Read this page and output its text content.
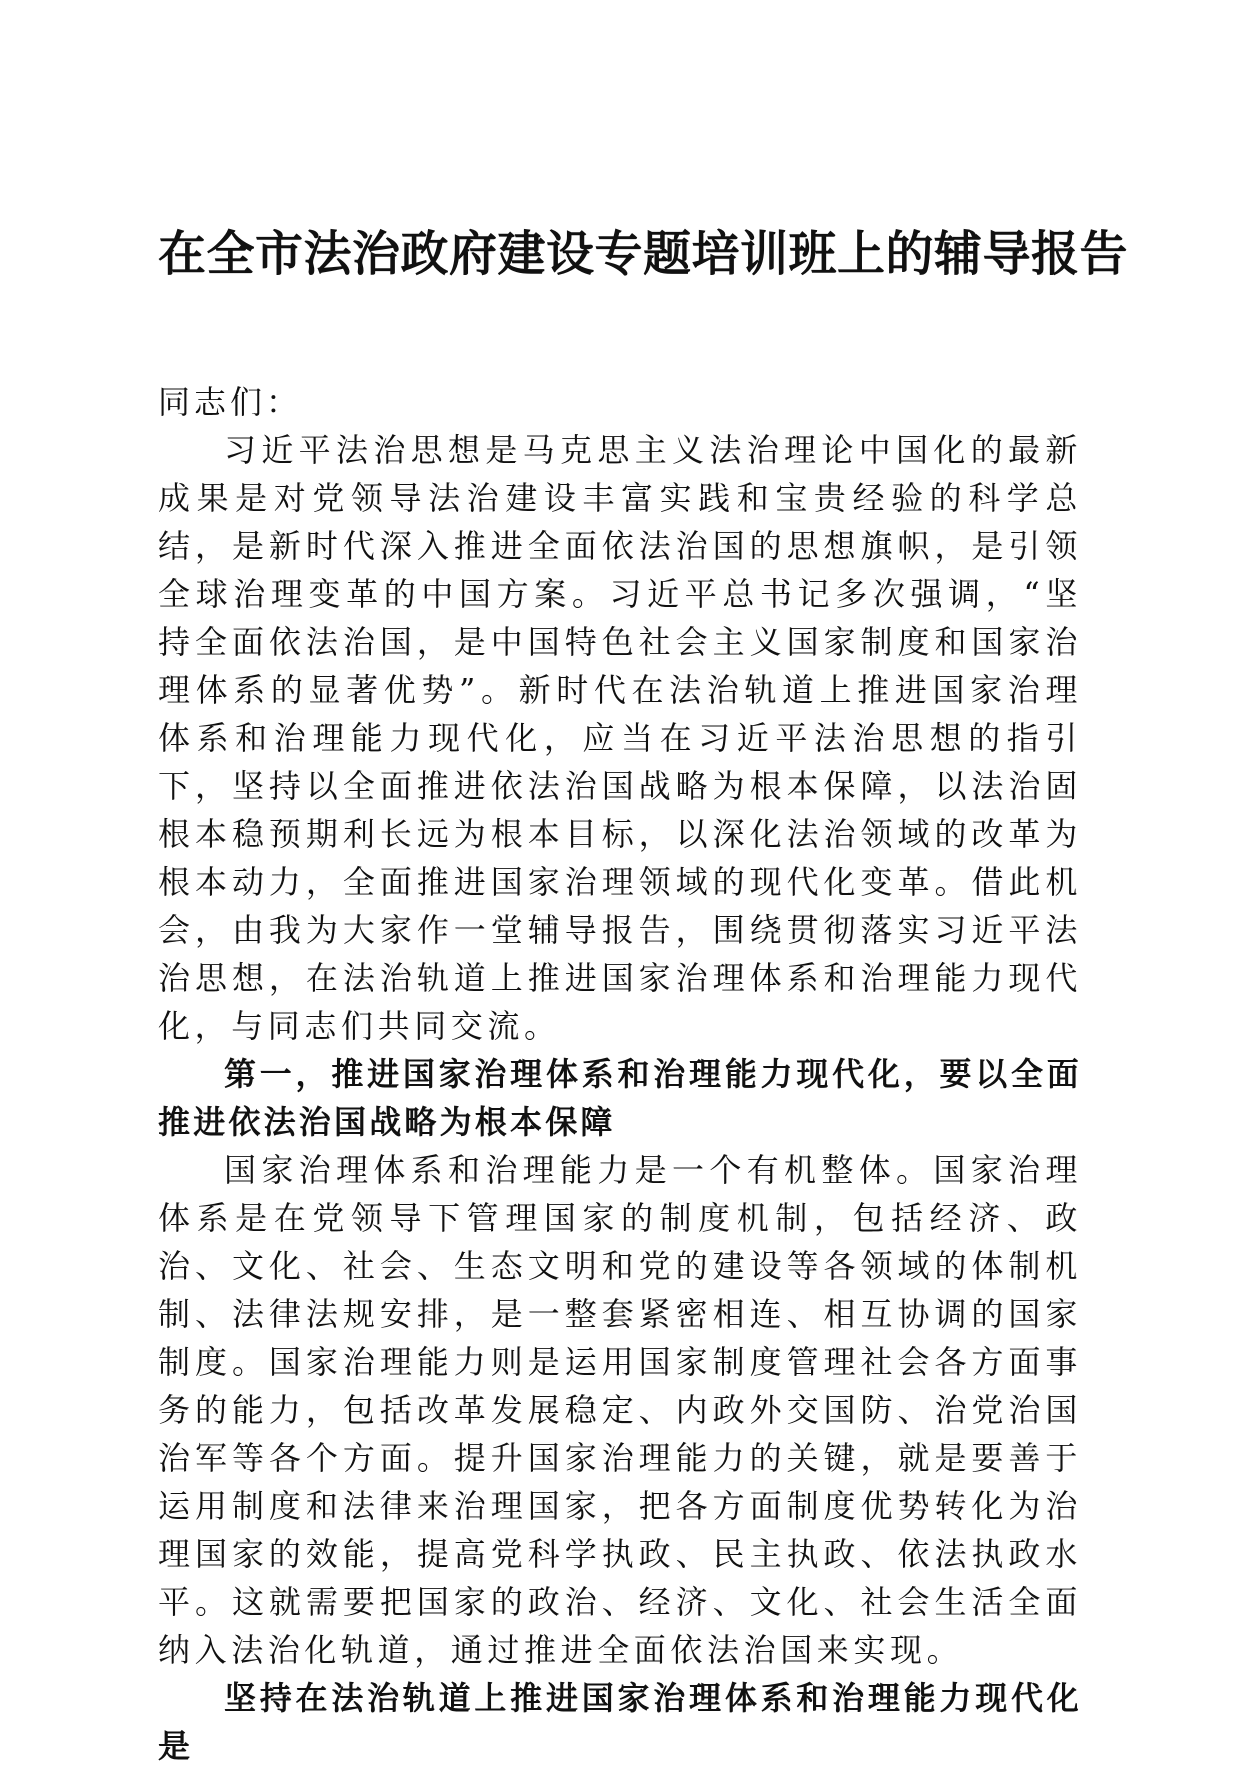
在全市法治政府建设专题培训班上的辅导报告

同志们：

习近平法治思想是马克思主义法治理论中国化的最新成果是对党领导法治建设丰富实践和宝贵经验的科学总结，是新时代深入推进全面依法治国的思想旗帜，是引领全球治理变革的中国方案。习近平总书记多次强调，“坚持全面依法治国，是中国特色社会主义国家制度和国家治理体系的显著优势”。新时代在法治轨道上推进国家治理体系和治理能力现代化，应当在习近平法治思想的指引下，坚持以全面推进依法治国战略为根本保障，以法治固根本稳预期利长远为根本目标，以深化法治领域的改革为根本动力，全面推进国家治理领域的现代化变革。借此机会，由我为大家作一堂辅导报告，围绕贯彻落实习近平法治思想，在法治轨道上推进国家治理体系和治理能力现代化，与同志们共同交流。

第一，推进国家治理体系和治理能力现代化，要以全面推进依法治国战略为根本保障

国家治理体系和治理能力是一个有机整体。国家治理体系是在党领导下管理国家的制度机制，包括经济、政治、文化、社会、生态文明和党的建设等各领域的体制机制、法律法规安排，是一整套紧密相连、相互协调的国家制度。国家治理能力则是运用国家制度管理社会各方面事务的能力，包括改革发展稳定、内政外交国防、治党治国治军等各个方面。提升国家治理能力的关键，就是要善于运用制度和法律来治理国家，把各方面制度优势转化为治理国家的效能，提高党科学执政、民主执政、依法执政水平。这就需要把国家的政治、经济、文化、社会生活全面纳入法治化轨道，通过推进全面依法治国来实现。

坚持在法治轨道上推进国家治理体系和治理能力现代化是
